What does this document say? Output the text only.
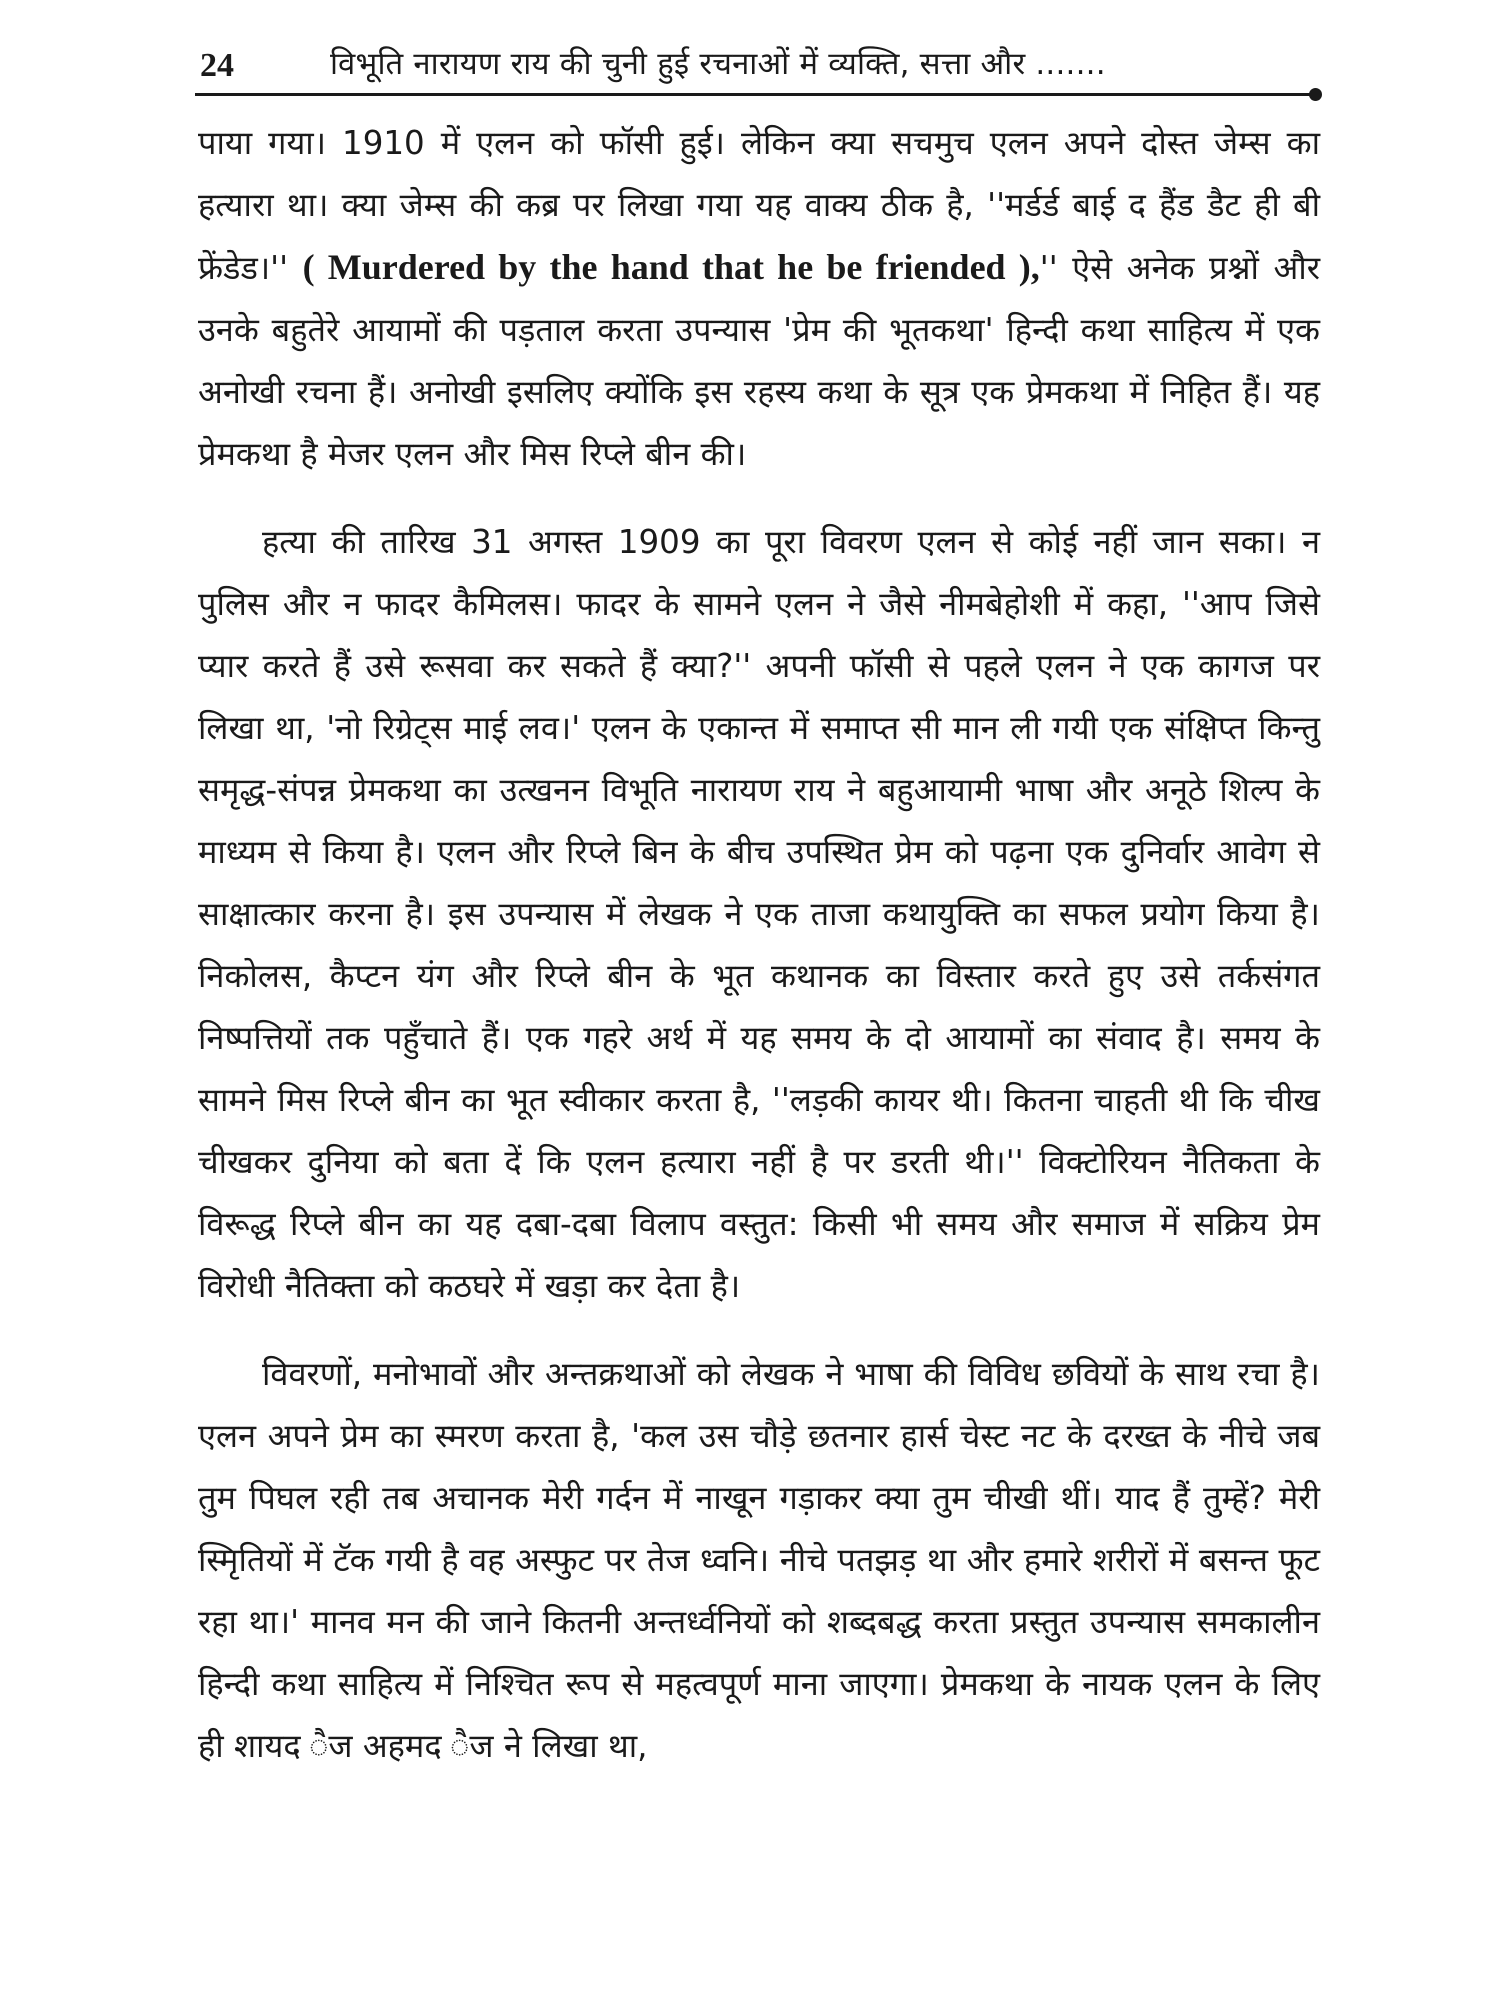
24	विभूति नारायण राय की चुनी हुई रचनाओं में व्यक्ति, सत्ता और .......

पाया गया। 1910 में एलन को फॉसी हुई। लेकिन क्या सचमुच एलन अपने दोस्त जेम्स का हत्यारा था। क्या जेम्स की कब्र पर लिखा गया यह वाक्य ठीक है, ''मर्डर्ड बाई द हैंड डैट ही बी फ्रेंडेड।'' ( Murdered by the hand that he be friended ),'' ऐसे अनेक प्रश्नों और उनके बहुतेरे आयामों की पड़ताल करता उपन्यास 'प्रेम की भूतकथा' हिन्दी कथा साहित्य में एक अनोखी रचना हैं। अनोखी इसलिए क्योंकि इस रहस्य कथा के सूत्र एक प्रेमकथा में निहित हैं। यह प्रेमकथा है मेजर एलन और मिस रिप्ले बीन की।

हत्या की तारिख 31 अगस्त 1909 का पूरा विवरण एलन से कोई नहीं जान सका। न पुलिस और न फादर कैमिलस। फादर के सामने एलन ने जैसे नीमबेहोशी में कहा, ''आप जिसे प्यार करते हैं उसे रूसवा कर सकते हैं क्या?'' अपनी फॉसी से पहले एलन ने एक कागज पर लिखा था, 'नो रिग्रेट्स माई लव।' एलन के एकान्त में समाप्त सी मान ली गयी एक संक्षिप्त किन्तु समृद्ध-संपन्न प्रेमकथा का उत्खनन विभूति नारायण राय ने बहुआयामी भाषा और अनूठे शिल्प के माध्यम से किया है। एलन और रिप्ले बिन के बीच उपस्थित प्रेम को पढ़ना एक दुनिर्वार आवेग से साक्षात्कार करना है। इस उपन्यास में लेखक ने एक ताजा कथायुक्ति का सफल प्रयोग किया है। निकोलस, कैप्टन यंग और रिप्ले बीन के भूत कथानक का विस्तार करते हुए उसे तर्कसंगत निष्पत्तियों तक पहुँचाते हैं। एक गहरे अर्थ में यह समय के दो आयामों का संवाद है। समय के सामने मिस रिप्ले बीन का भूत स्वीकार करता है, ''लड़की कायर थी। कितना चाहती थी कि चीख चीखकर दुनिया को बता दें कि एलन हत्यारा नहीं है पर डरती थी।'' विक्टोरियन नैतिकता के विरूद्ध रिप्ले बीन का यह दबा-दबा विलाप वस्तुत: किसी भी समय और समाज में सक्रिय प्रेम विरोधी नैतिक्ता को कठघरे में खड़ा कर देता है।

विवरणों, मनोभावों और अन्तक्रथाओं को लेखक ने भाषा की विविध छवियों के साथ रचा है। एलन अपने प्रेम का स्मरण करता है, 'कल उस चौड़े छतनार हार्स चेस्ट नट के दरख्त के नीचे जब तुम पिघल रही तब अचानक मेरी गर्दन में नाखून गड़ाकर क्या तुम चीखी थीं। याद हैं तुम्हें? मेरी स्मृितियों में टॅक गयी है वह अस्फुट पर तेज ध्वनि। नीचे पतझड़ था और हमारे शरीरों में बसन्त फूट रहा था।' मानव मन की जाने कितनी अन्तर्ध्वनियों को शब्दबद्ध करता प्रस्तुत उपन्यास समकालीन हिन्दी कथा साहित्य में निश्चित रूप से महत्वपूर्ण माना जाएगा। प्रेमकथा के नायक एलन के लिए ही शायद ‍ैज अहमद ‍ैज ने लिखा था,
